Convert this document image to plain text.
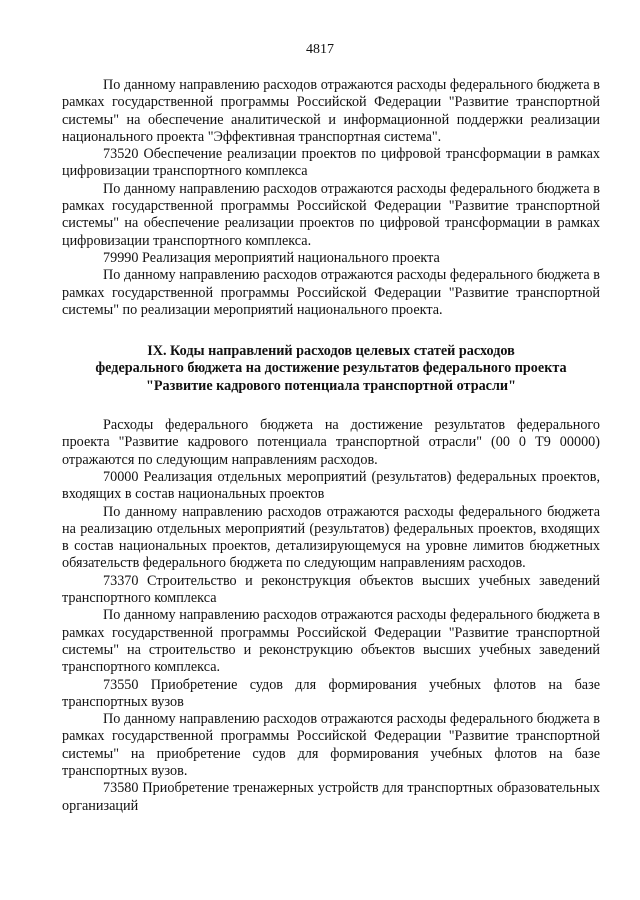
4817

По данному направлению расходов отражаются расходы федерального бюджета в рамках государственной программы Российской Федерации "Развитие транспортной системы" на обеспечение аналитической и информационной поддержки реализации национального проекта "Эффективная транспортная система".

73520 Обеспечение реализации проектов по цифровой трансформации в рамках цифровизации транспортного комплекса

По данному направлению расходов отражаются расходы федерального бюджета в рамках государственной программы Российской Федерации "Развитие транспортной системы" на обеспечение реализации проектов по цифровой трансформации в рамках цифровизации транспортного комплекса.

79990 Реализация мероприятий национального проекта

По данному направлению расходов отражаются расходы федерального бюджета в рамках государственной программы Российской Федерации "Развитие транспортной системы" по реализации мероприятий национального проекта.

IX. Коды направлений расходов целевых статей расходов
федерального бюджета на достижение результатов федерального проекта
"Развитие кадрового потенциала транспортной отрасли"

Расходы федерального бюджета на достижение результатов федерального проекта "Развитие кадрового потенциала транспортной отрасли" (00 0 Т9 00000) отражаются по следующим направлениям расходов.

70000 Реализация отдельных мероприятий (результатов) федеральных проектов, входящих в состав национальных проектов

По данному направлению расходов отражаются расходы федерального бюджета на реализацию отдельных мероприятий (результатов) федеральных проектов, входящих в состав национальных проектов, детализирующемуся на уровне лимитов бюджетных обязательств федерального бюджета по следующим направлениям расходов.

73370 Строительство и реконструкция объектов высших учебных заведений транспортного комплекса

По данному направлению расходов отражаются расходы федерального бюджета в рамках государственной программы Российской Федерации "Развитие транспортной системы" на строительство и реконструкцию объектов высших учебных заведений транспортного комплекса.

73550 Приобретение судов для формирования учебных флотов на базе транспортных вузов

По данному направлению расходов отражаются расходы федерального бюджета в рамках государственной программы Российской Федерации "Развитие транспортной системы" на приобретение судов для формирования учебных флотов на базе транспортных вузов.

73580 Приобретение тренажерных устройств для транспортных образовательных организаций
